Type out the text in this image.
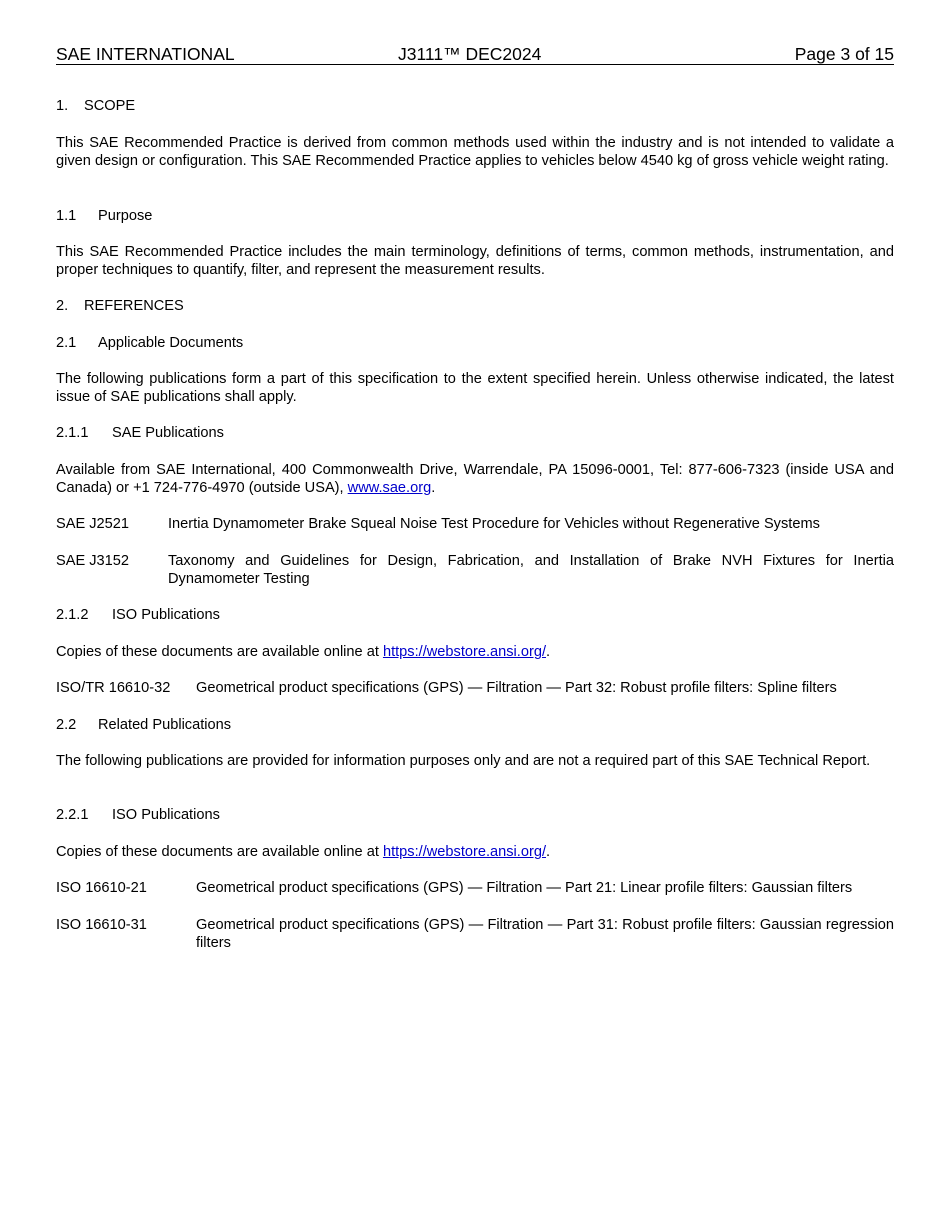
SAE INTERNATIONAL	J3111™ DEC2024	Page 3 of 15
1. SCOPE

This SAE Recommended Practice is derived from common methods used within the industry and is not intended to validate a given design or configuration. This SAE Recommended Practice applies to vehicles below 4540 kg of gross vehicle weight rating.

1.1 Purpose

This SAE Recommended Practice includes the main terminology, definitions of terms, common methods, instrumentation, and proper techniques to quantify, filter, and represent the measurement results.

2. REFERENCES
2.1 Applicable Documents

The following publications form a part of this specification to the extent specified herein. Unless otherwise indicated, the latest issue of SAE publications shall apply.

2.1.1 SAE Publications

Available from SAE International, 400 Commonwealth Drive, Warrendale, PA 15096-0001, Tel: 877-606-7323 (inside USA and Canada) or +1 724-776-4970 (outside USA), www.sae.org.

SAE J2521	Inertia Dynamometer Brake Squeal Noise Test Procedure for Vehicles without Regenerative Systems
SAE J3152	Taxonomy and Guidelines for Design, Fabrication, and Installation of Brake NVH Fixtures for Inertia Dynamometer Testing
2.1.2 ISO Publications

Copies of these documents are available online at https://webstore.ansi.org/.

ISO/TR 16610-32 Geometrical product specifications (GPS) — Filtration — Part 32: Robust profile filters: Spline filters
2.2 Related Publications

The following publications are provided for information purposes only and are not a required part of this SAE Technical Report.

2.2.1 ISO Publications

Copies of these documents are available online at https://webstore.ansi.org/.

ISO 16610-21	Geometrical product specifications (GPS) — Filtration — Part 21: Linear profile filters: Gaussian filters
ISO 16610-31	Geometrical product specifications (GPS) — Filtration — Part 31: Robust profile filters: Gaussian regression filters
